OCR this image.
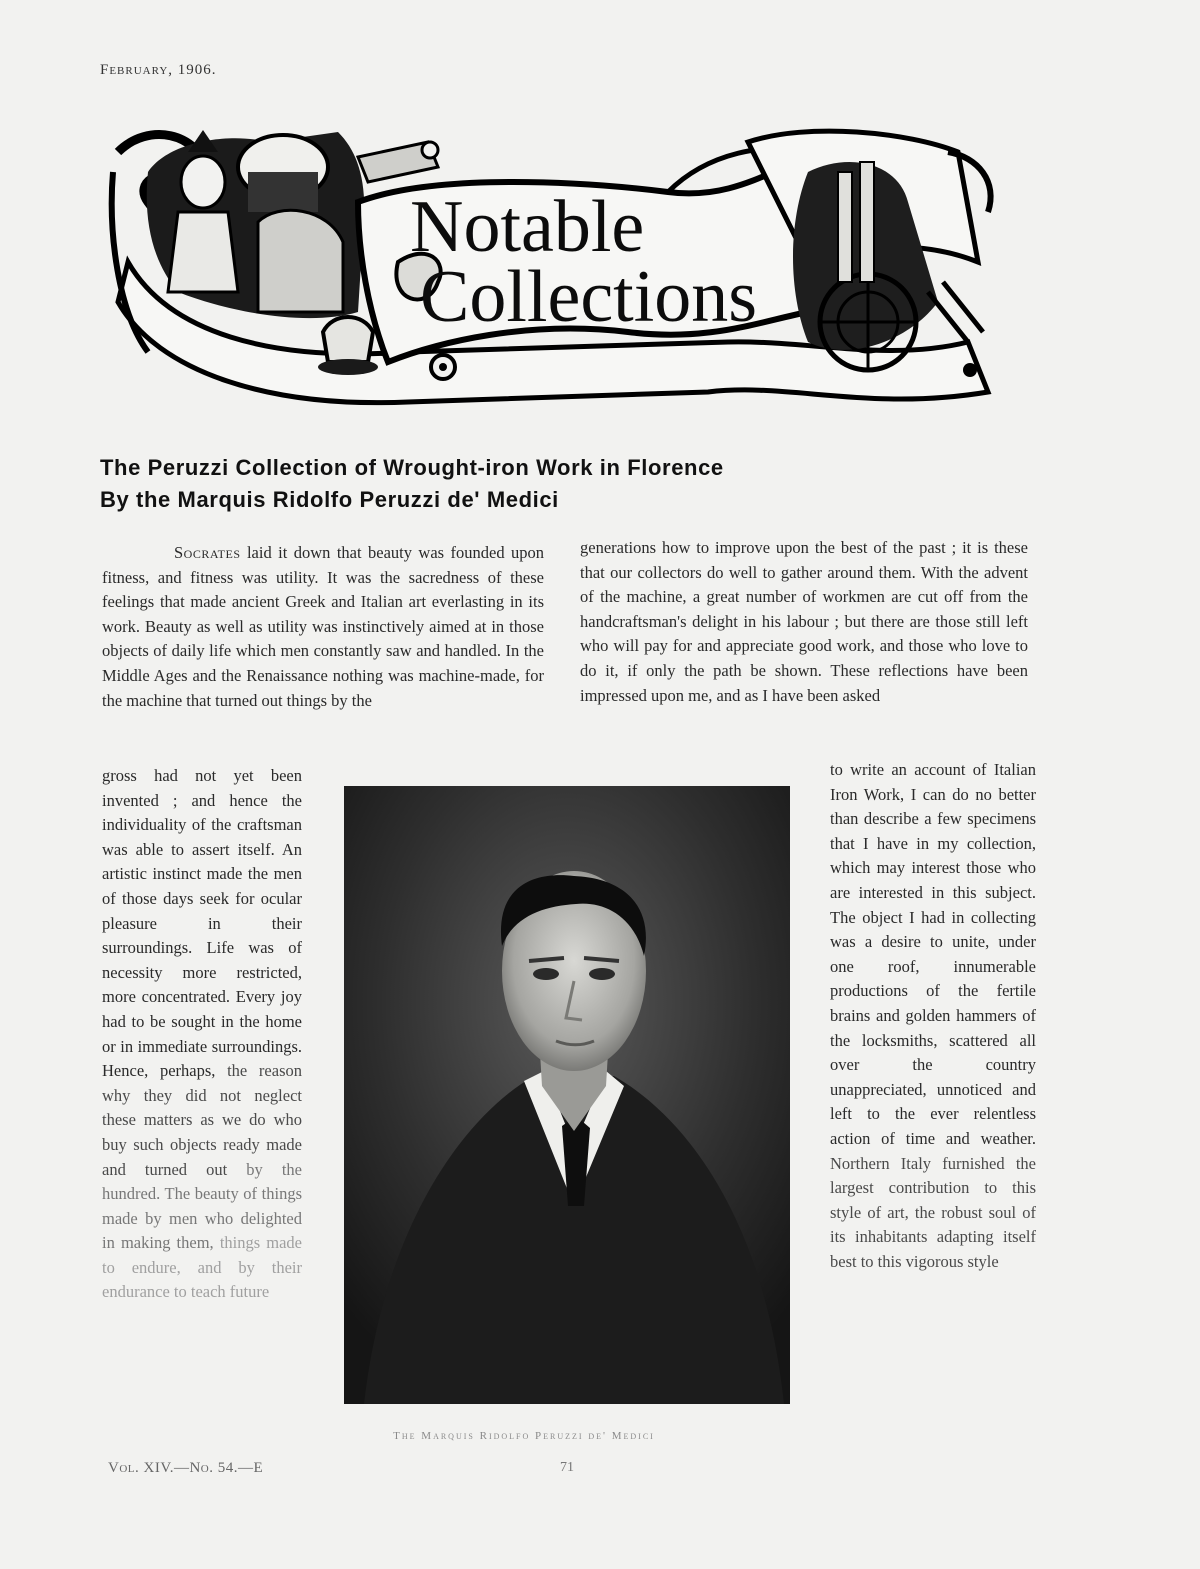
February, 1906.
Notable
Collections
The Peruzzi Collection of Wrought-iron Work in Florence
By the Marquis Ridolfo Peruzzi de' Medici

Socrates laid it down that beauty was founded upon fitness, and fitness was utility. It was the sacredness of these feelings that made ancient Greek and Italian art everlasting in its work. Beauty as well as utility was instinctively aimed at in those objects of daily life which men constantly saw and handled. In the Middle Ages and the Renaissance nothing was machine-made, for the machine that turned out things by the

gross had not yet been invented ; and hence the individuality of the craftsman was able to assert itself. An artistic instinct made the men of those days seek for ocular pleasure in their surroundings. Life was of necessity more restricted, more concentrated. Every joy had to be sought in the home or in immediate surroundings. Hence, perhaps, the reason why they did not neglect these matters as we do who buy such objects ready made and turned out by the hundred. The beauty of things made by men who delighted in making them, things made to endure, and by their endurance to teach future

generations how to improve upon the best of the past ; it is these that our collectors do well to gather around them. With the advent of the machine, a great number of workmen are cut off from the handcraftsman's delight in his labour ; but there are those still left who will pay for and appreciate good work, and those who love to do it, if only the path be shown. These reflections have been impressed upon me, and as I have been asked

to write an account of Italian Iron Work, I can do no better than describe a few specimens that I have in my collection, which may interest those who are interested in this subject. The object I had in collecting was a desire to unite, under one roof, innumerable productions of the fertile brains and golden hammers of the locksmiths, scattered all over the country unappreciated, unnoticed and left to the ever relentless action of time and weather. Northern Italy furnished the largest contribution to this style of art, the robust soul of its inhabitants adapting itself best to this vigorous style

The Marquis Ridolfo Peruzzi de' Medici
Vol. XIV.—No. 54.—E	71
